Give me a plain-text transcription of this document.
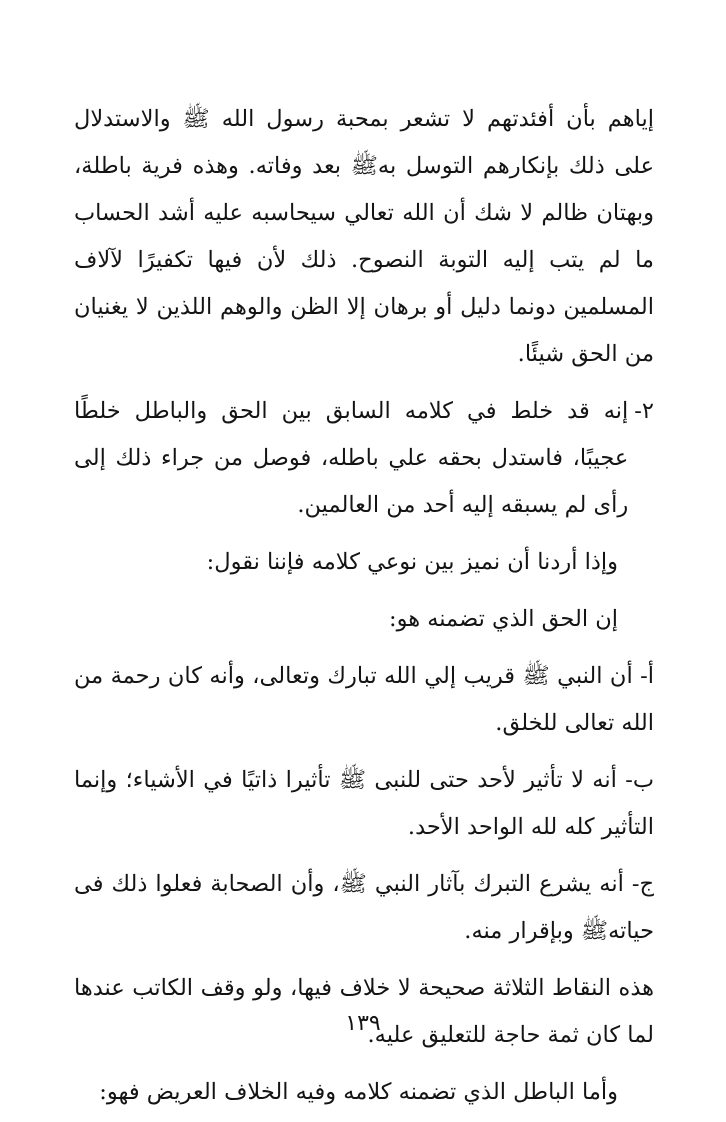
إياهم بأن أفئدتهم لا تشعر بمحبة رسول الله ﷺ والاستدلال على ذلك بإنكارهم التوسل بهﷺ بعد وفاته. وهذه فرية باطلة، وبهتان ظالم لا شك أن الله تعالي سيحاسبه عليه أشد الحساب ما لم يتب إليه التوبة النصوح. ذلك لأن فيها تكفيرًا لآلاف المسلمين دونما دليل أو برهان إلا الظن والوهم اللذين لا يغنيان من الحق شيئًا.

٢-
إنه قد خلط في كلامه السابق بين الحق والباطل خلطًا عجيبًا، فاستدل بحقه علي باطله، فوصل من جراء ذلك إلى رأى لم يسبقه إليه أحد من العالمين.

وإذا أردنا أن نميز بين نوعي كلامه فإننا نقول:

إن الحق الذي تضمنه هو:

أ- أن النبي ﷺ قريب إلي الله تبارك وتعالى، وأنه كان رحمة من الله تعالى للخلق.

ب- أنه لا تأثير لأحد حتى للنبى ﷺ تأثيرا ذاتيًا في الأشياء؛ وإنما التأثير كله لله الواحد الأحد.

ج- أنه يشرع التبرك بآثار النبي ﷺ، وأن الصحابة فعلوا ذلك فى حياتهﷺ وبإقرار منه.

هذه النقاط الثلاثة صحيحة لا خلاف فيها، ولو وقف الكاتب عندها لما كان ثمة حاجة للتعليق عليه.

وأما الباطل الذي تضمنه كلامه وفيه الخلاف العريض فهو:

١٣٩
